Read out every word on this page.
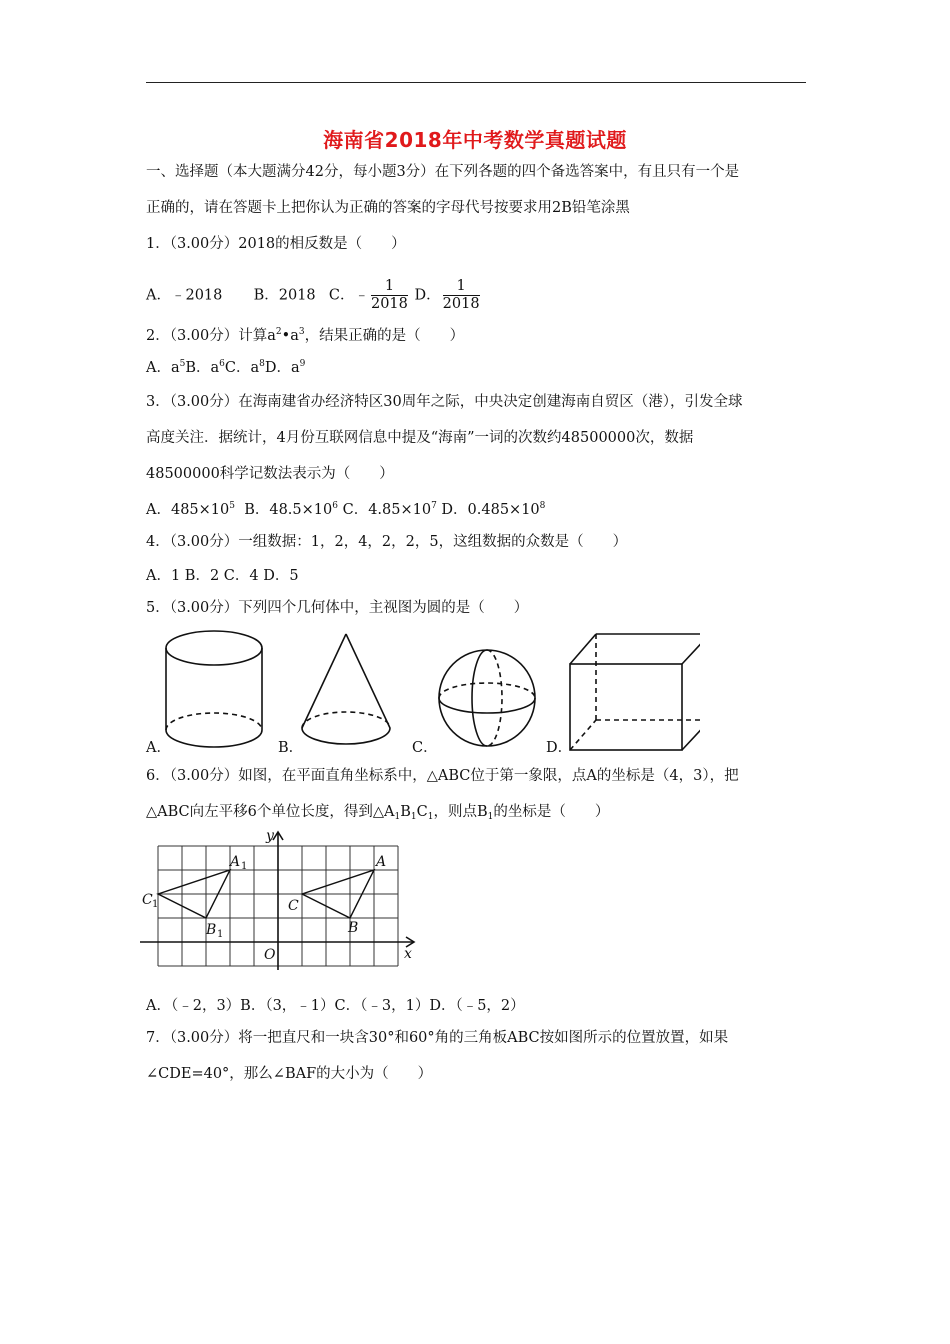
海南省2018年中考数学真题试题
一、选择题（本大题满分42分，每小题3分）在下列各题的四个备选答案中，有且只有一个是
正确的，请在答题卡上把你认为正确的答案的字母代号按要求用2B铅笔涂黑
1．（3.00分）2018的相反数是（　　）
A．﹣2018 B．2018 C．﹣ $\frac{1}{2018}$ D． $\frac{1}{2018}$
2．（3.00分）计算$a^2•a^3$，结果正确的是（　　）
A．$a^5B$．$a^6C$．$a^8D$．$a^9$
3．（3.00分）在海南建省办经济特区30周年之际，中央决定创建海南自贸区（港），引发全球
高度关注．据统计，4月份互联网信息中提及“海南”一词的次数约48500000次，数据
48500000科学记数法表示为（　　）
A．$485\times 10^5$ B．$48.5\times 10^6$ C．$4.85\times 10^7$ D．$0.485\times 10^8$
4．（3.00分）一组数据：1，2，4，2，2，5，这组数据的众数是（　　）
A．1 B．2 C．4 D．5
5．（3.00分）下列四个几何体中，主视图为圆的是（　　）
A．	B．	C．	D．
6．（3.00分）如图，在平面直角坐标系中，△ABC位于第一象限，点A的坐标是（4，3），把
△ABC向左平移6个单位长度，得到$\triangle A_1B_1C_1$，则点$B_1$的坐标是（　　）
y
x
O
A
B
C
A 1
B 1
C 1
A．（﹣2，3）B．（3，﹣1）C．（﹣3，1）D．（﹣5，2）
7．（3.00分）将一把直尺和一块含30°和60°角的三角板ABC按如图所示的位置放置，如果
∠CDE=40°，那么∠BAF的大小为（　　）
